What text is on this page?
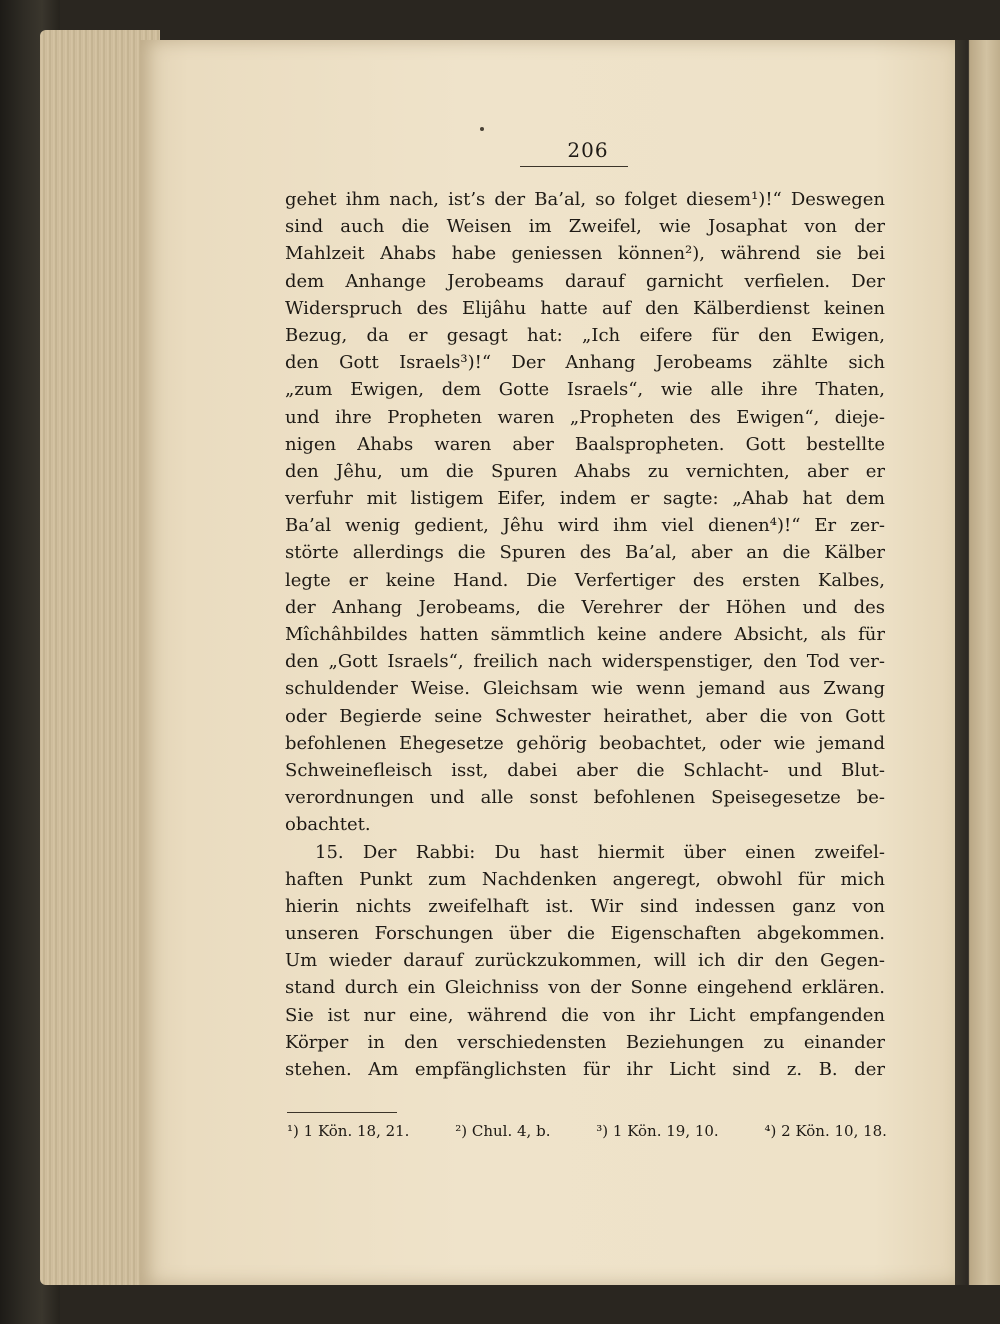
206
gehet ihm nach, ist’s der Ba’al, so folget diesem¹)!“ Deswegen
sind auch die Weisen im Zweifel, wie Josaphat von der
Mahlzeit Ahabs habe geniessen können²), während sie bei
dem Anhange Jerobeams darauf garnicht verfielen. Der
Widerspruch des Elijâhu hatte auf den Kälberdienst keinen
Bezug, da er gesagt hat: „Ich eifere für den Ewigen,
den Gott Israels³)!“ Der Anhang Jerobeams zählte sich
„zum Ewigen, dem Gotte Israels“, wie alle ihre Thaten,
und ihre Propheten waren „Propheten des Ewigen“, dieje-
nigen Ahabs waren aber Baalspropheten. Gott bestellte
den Jêhu, um die Spuren Ahabs zu vernichten, aber er
verfuhr mit listigem Eifer, indem er sagte: „Ahab hat dem
Ba’al wenig gedient, Jêhu wird ihm viel dienen⁴)!“ Er zer-
störte allerdings die Spuren des Ba’al, aber an die Kälber
legte er keine Hand. Die Verfertiger des ersten Kalbes,
der Anhang Jerobeams, die Verehrer der Höhen und des
Mîchâhbildes hatten sämmtlich keine andere Absicht, als für
den „Gott Israels“, freilich nach widerspenstiger, den Tod ver-
schuldender Weise. Gleichsam wie wenn jemand aus Zwang
oder Begierde seine Schwester heirathet, aber die von Gott
befohlenen Ehegesetze gehörig beobachtet, oder wie jemand
Schweinefleisch isst, dabei aber die Schlacht- und Blut-
verordnungen und alle sonst befohlenen Speisegesetze be-
obachtet.
15. Der Rabbi: Du hast hiermit über einen zweifel-
haften Punkt zum Nachdenken angeregt, obwohl für mich
hierin nichts zweifelhaft ist. Wir sind indessen ganz von
unseren Forschungen über die Eigenschaften abgekommen.
Um wieder darauf zurückzukommen, will ich dir den Gegen-
stand durch ein Gleichniss von der Sonne eingehend erklären.
Sie ist nur eine, während die von ihr Licht empfangenden
Körper in den verschiedensten Beziehungen zu einander
stehen. Am empfänglichsten für ihr Licht sind z. B. der
¹) 1 Kön. 18, 21.	²) Chul. 4, b.	³) 1 Kön. 19, 10.	⁴) 2 Kön. 10, 18.
